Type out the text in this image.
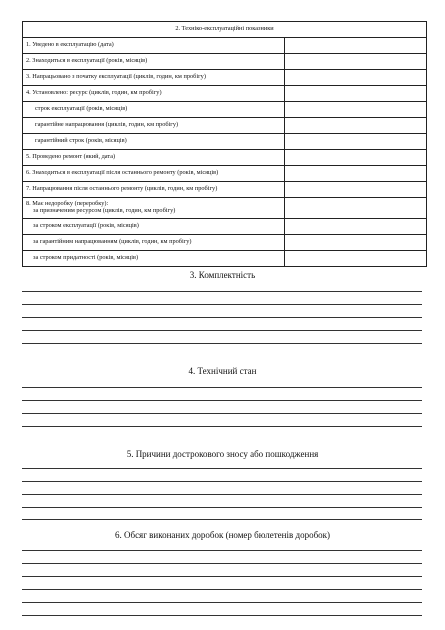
2. Техніко-експлуатаційні показники	
1. Уведено в експлуатацію (дата)	
2. Знаходиться в експлуатації (років, місяців)	
3. Напрацьовано з початку експлуатації (циклів, годин, км пробігу)	
4. Установлено: ресурс (циклів, годин, км пробігу)	
строк експлуатації (років, місяців)	
гарантійне напрацювання (циклів, годин, км пробігу)	
гарантійний строк (років, місяців)	
5. Проведено ремонт (який, дата)	
6. Знаходиться в експлуатації після останнього ремонту (років, місяців)	
7. Напрацювання після останнього ремонту (циклів, годин, км пробігу)	
8. Має недоробку (переробку):
за призначеним ресурсом (циклів, годин, км пробігу)	

за строком експлуатації (років, місяців)	
за гарантійним напрацюванням (циклів, годин, км пробігу)	
за строком придатності (років, місяців)	
3. Комплектність
4. Технічний стан
5. Причини дострокового зносу або пошкодження
6. Обсяг виконаних доробок (номер бюлетенів доробок)
